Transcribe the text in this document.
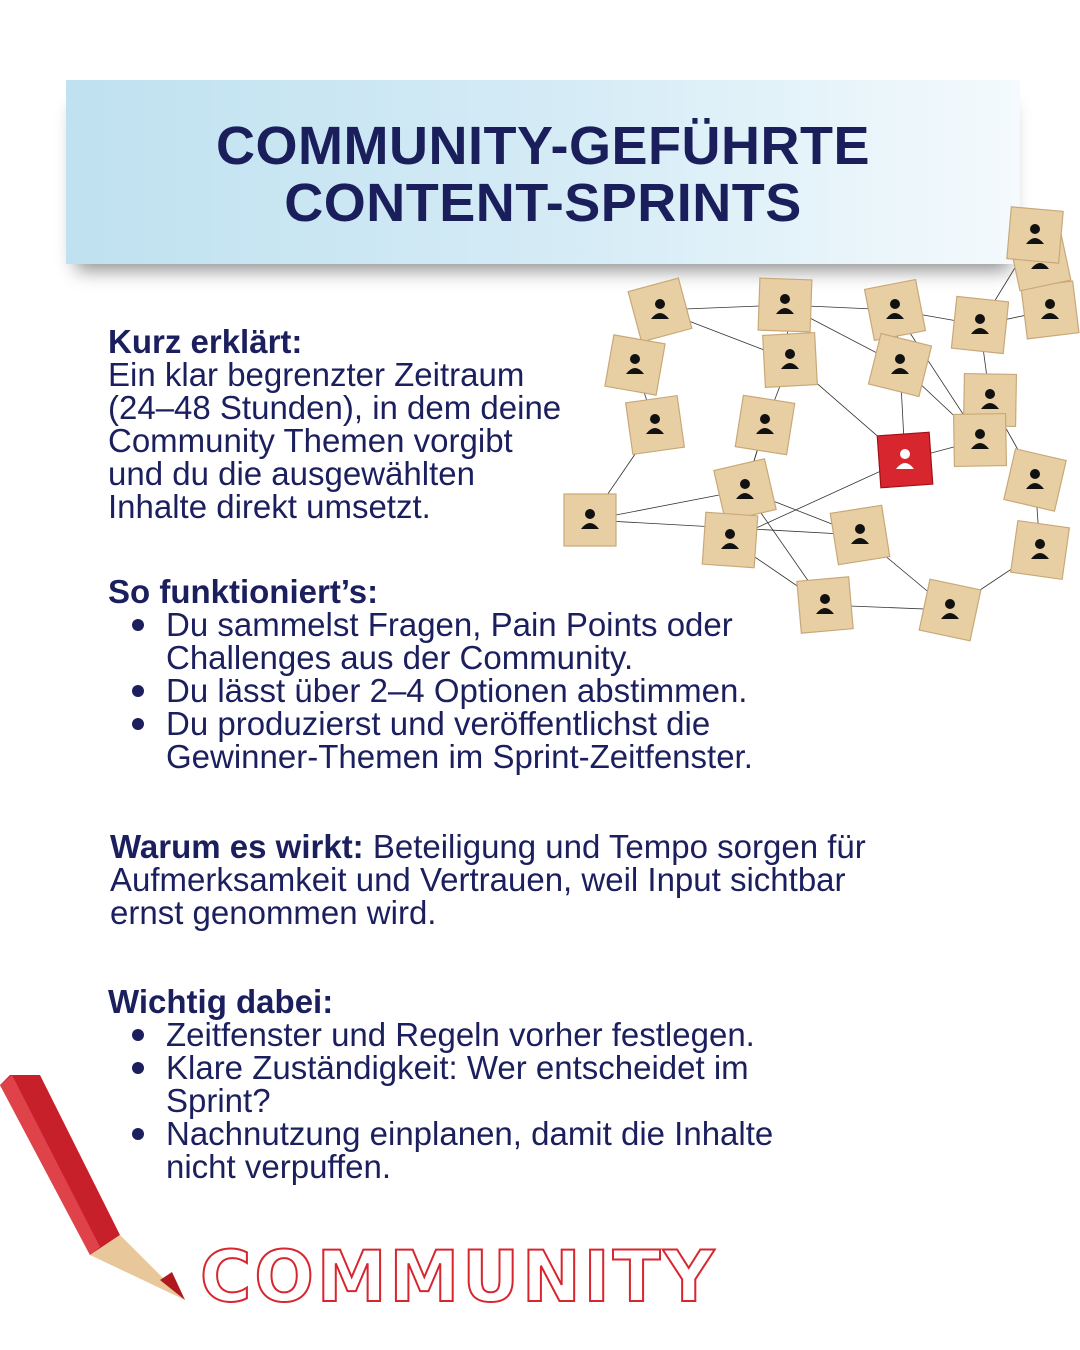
COMMUNITY-GEFÜHRTE
CONTENT-SPRINTS
Kurz erklärt:

Ein klar begrenzter Zeitraum
(24–48 Stunden), in dem deine
Community Themen vorgibt
und du die ausgewählten
Inhalte direkt umsetzt.

So funktioniert’s:
Du sammelst Fragen, Pain Points oder
Challenges aus der Community.
Du lässt über 2–4 Optionen abstimmen.
Du produzierst und veröffentlichst die
Gewinner-Themen im Sprint-Zeitfenster.

Warum es wirkt: Beteiligung und Tempo sorgen für

Aufmerksamkeit und Vertrauen, weil Input sichtbar
ernst genommen wird.

Wichtig dabei:
Zeitfenster und Regeln vorher festlegen.
Klare Zuständigkeit: Wer entscheidet im
Sprint?
Nachnutzung einplanen, damit die Inhalte
nicht verpuffen.
COMMUNITY
